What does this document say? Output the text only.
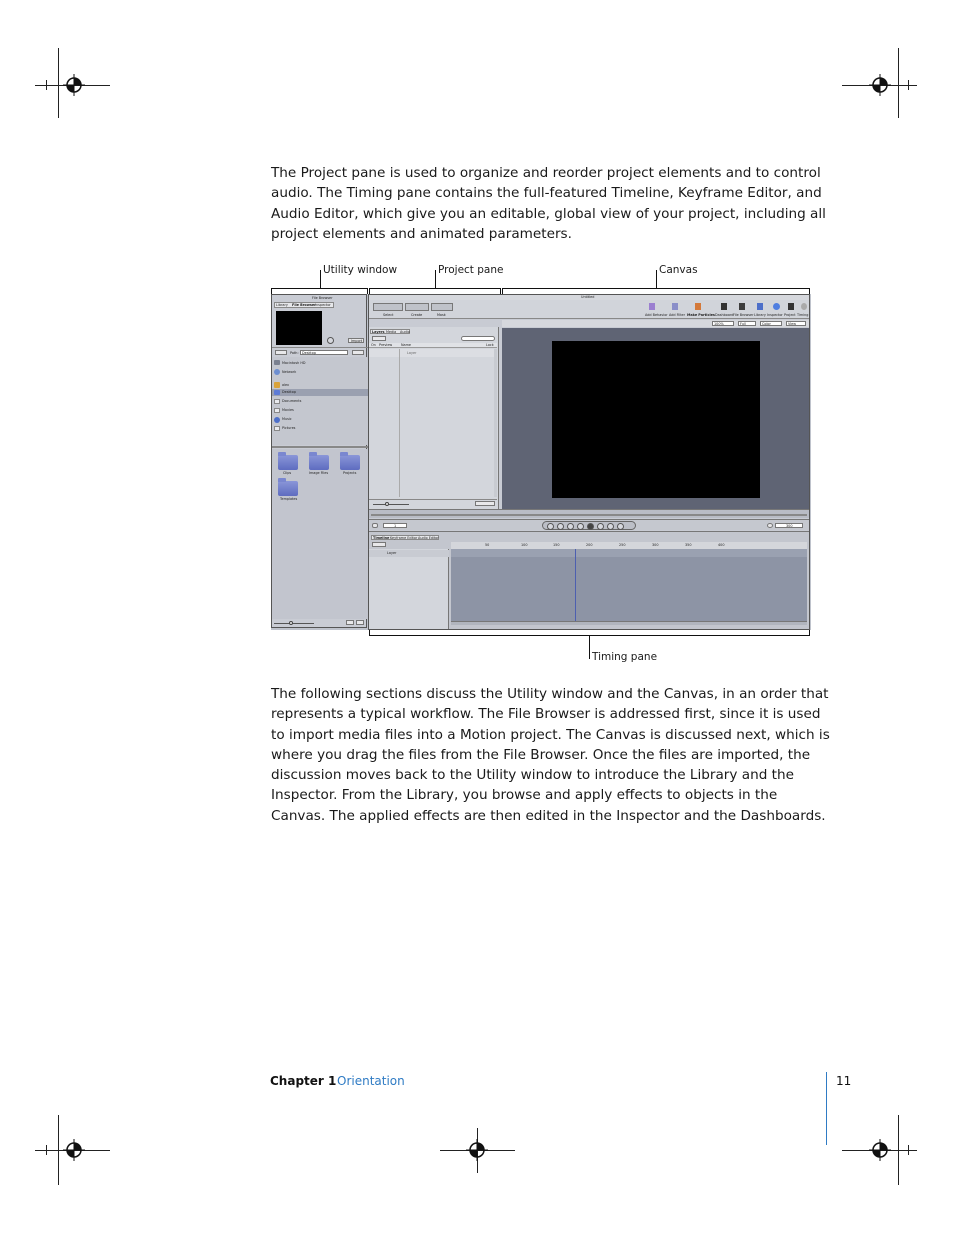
The Project pane is used to organize and reorder project elements and to control audio. The Timing pane contains the full-featured Timeline, Keyframe Editor, and Audio Editor, which give you an editable, global view of your project, including all project elements and animated parameters.

Utility window	Project pane	Canvas
File Browser
Library File Browser Inspector
Import
Path: Desktop
Macintosh HD
Network
alex
Desktop
Documents
Movies
Music
Pictures
Clips	Image Files	Projects
Templates
Untitled
Select	Create	Mask	Add Behavior Add Filter Make Particles Dashboard File Browser Library Inspector Project Timing
100%	Full	Color	View
Layers Media Audio
On Preview	Name	Lock
Layer
1	300
Timeline Keyframe Editor Audio Editor
Layer
50	100	150	200	250	300	350	400
Timing pane

The following sections discuss the Utility window and the Canvas, in an order that represents a typical workflow. The File Browser is addressed first, since it is used to import media files into a Motion project. The Canvas is discussed next, which is where you drag the files from the File Browser. Once the files are imported, the discussion moves back to the Utility window to introduce the Library and the Inspector. From the Library, you browse and apply effects to objects in the Canvas. The applied effects are then edited in the Inspector and the Dashboards.

Chapter 1 Orientation	11
